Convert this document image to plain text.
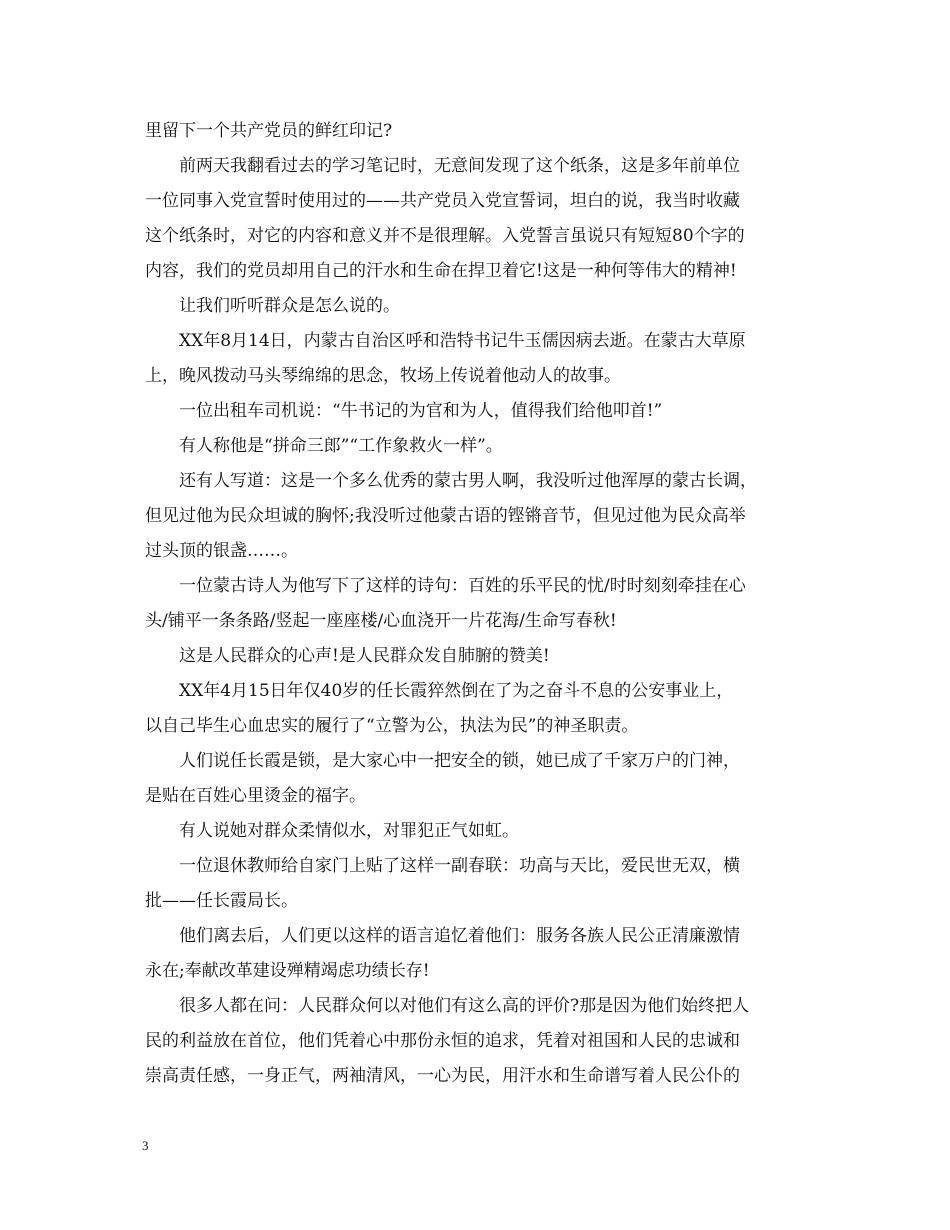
里留下一个共产党员的鲜红印记?
前两天我翻看过去的学习笔记时，无意间发现了这个纸条，这是多年前单位
一位同事入党宣誓时使用过的——共产党员入党宣誓词，坦白的说，我当时收藏
这个纸条时，对它的内容和意义并不是很理解。入党誓言虽说只有短短80个字的
内容，我们的党员却用自己的汗水和生命在捍卫着它!这是一种何等伟大的精神!
让我们听听群众是怎么说的。
XX年8月14日，内蒙古自治区呼和浩特书记牛玉儒因病去逝。在蒙古大草原
上，晚风拨动马头琴绵绵的思念，牧场上传说着他动人的故事。
一位出租车司机说：“牛书记的为官和为人，值得我们给他叩首!”
有人称他是“拼命三郎”“工作象救火一样”。
还有人写道：这是一个多么优秀的蒙古男人啊，我没听过他浑厚的蒙古长调，
但见过他为民众坦诚的胸怀;我没听过他蒙古语的铿锵音节，但见过他为民众高举
过头顶的银盏……。
一位蒙古诗人为他写下了这样的诗句：百姓的乐平民的忧/时时刻刻牵挂在心
头/铺平一条条路/竖起一座座楼/心血浇开一片花海/生命写春秋!
这是人民群众的心声!是人民群众发自肺腑的赞美!
XX年4月15日年仅40岁的任长霞猝然倒在了为之奋斗不息的公安事业上，
以自己毕生心血忠实的履行了“立警为公，执法为民”的神圣职责。
人们说任长霞是锁，是大家心中一把安全的锁，她已成了千家万户的门神，
是贴在百姓心里烫金的福字。
有人说她对群众柔情似水，对罪犯正气如虹。
一位退休教师给自家门上贴了这样一副春联：功高与天比，爱民世无双，横
批——任长霞局长。
他们离去后，人们更以这样的语言追忆着他们：服务各族人民公正清廉激情
永在;奉献改革建设殚精竭虑功绩长存!
很多人都在问：人民群众何以对他们有这么高的评价?那是因为他们始终把人
民的利益放在首位，他们凭着心中那份永恒的追求，凭着对祖国和人民的忠诚和
崇高责任感，一身正气，两袖清风，一心为民，用汗水和生命谱写着人民公仆的
3
